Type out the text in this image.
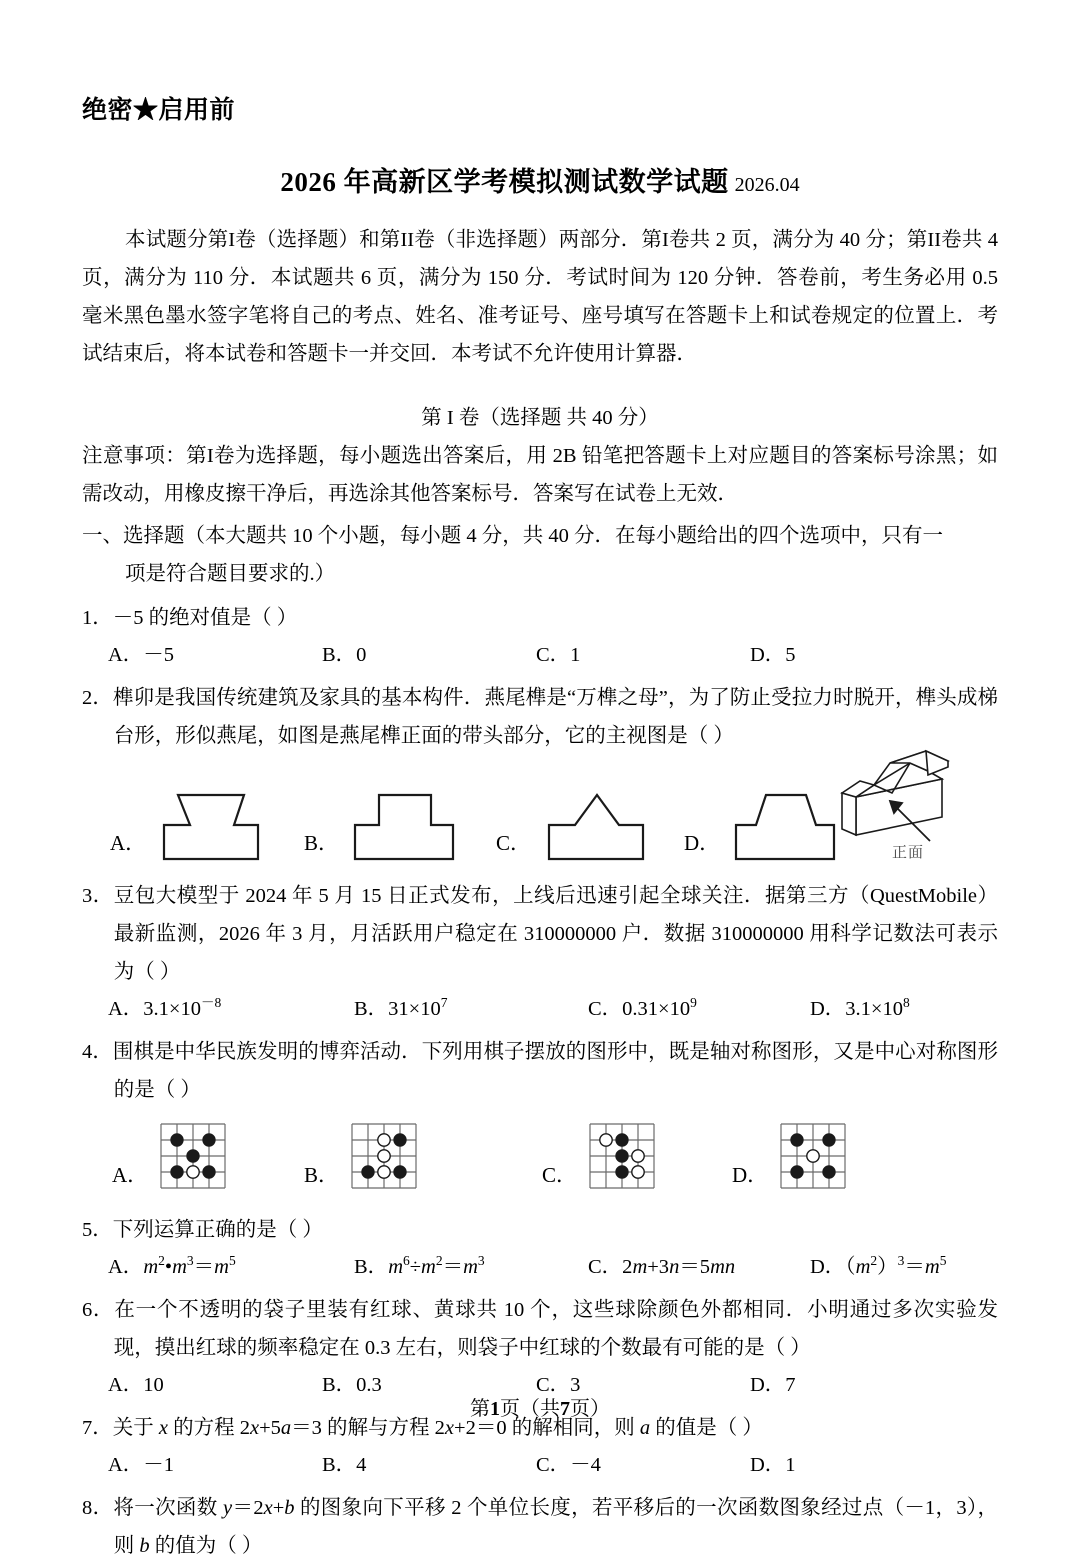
绝密★启用前
2026 年高新区学考模拟测试数学试题 2026.04

本试题分第I卷（选择题）和第II卷（非选择题）两部分．第I卷共 2 页，满分为 40 分；第II卷共 4 页，满分为 110 分．本试题共 6 页，满分为 150 分．考试时间为 120 分钟．答卷前，考生务必用 0.5 毫米黑色墨水签字笔将自己的考点、姓名、准考证号、座号填写在答题卡上和试卷规定的位置上．考试结束后，将本试卷和答题卡一并交回．本考试不允许使用计算器．

第 I 卷（选择题 共 40 分）

注意事项：第I卷为选择题，每小题选出答案后，用 2B 铅笔把答题卡上对应题目的答案标号涂黑；如需改动，用橡皮擦干净后，再选涂其他答案标号．答案写在试卷上无效．

一、选择题（本大题共 10 个小题，每小题 4 分，共 40 分．在每小题给出的四个选项中，只有一
项是符合题目要求的.）
1．－5 的绝对值是（ ）
A．－5	B．0	C．1	D．5
2．榫卯是我国传统建筑及家具的基本构件．燕尾榫是“万榫之母”，为了防止受拉力时脱开，榫头成梯台形，形似燕尾，如图是燕尾榫正面的带头部分，它的主视图是（ ）
A．	B．	C．	D．	正面
3．豆包大模型于 2024 年 5 月 15 日正式发布，上线后迅速引起全球关注．据第三方（QuestMobile）最新监测，2026 年 3 月，月活跃用户稳定在 310000000 户．数据 310000000 用科学记数法可表示为（ ）
A．$3.1\times 10^{-8}$	B．$31\times 10^7$	C．$0.31\times 10^9$	D．$3.1\times 10^8$
4．围棋是中华民族发明的博弈活动．下列用棋子摆放的图形中，既是轴对称图形，又是中心对称图形的是（ ）
A．	B．	C．	D．
5．下列运算正确的是（ ）
A．$m^2•m^3=m^5$	B．$m^6\div m^2=m^3$	C．2m+3n＝5mn	D．$(m^2)^3=m^5$
6．在一个不透明的袋子里装有红球、黄球共 10 个，这些球除颜色外都相同．小明通过多次实验发现，摸出红球的频率稳定在 0.3 左右，则袋子中红球的个数最有可能的是（ ）
A．10	B．0.3	C．3	D．7
7．关于 x 的方程 2x+5a＝3 的解与方程 2x+2＝0 的解相同，则 a 的值是（ ）
A．－1	B．4	C．－4	D．1
8．将一次函数 y＝2x+b 的图象向下平移 2 个单位长度，若平移后的一次函数图象经过点（－1，3），则 b 的值为（ ）
第1页（共7页）
